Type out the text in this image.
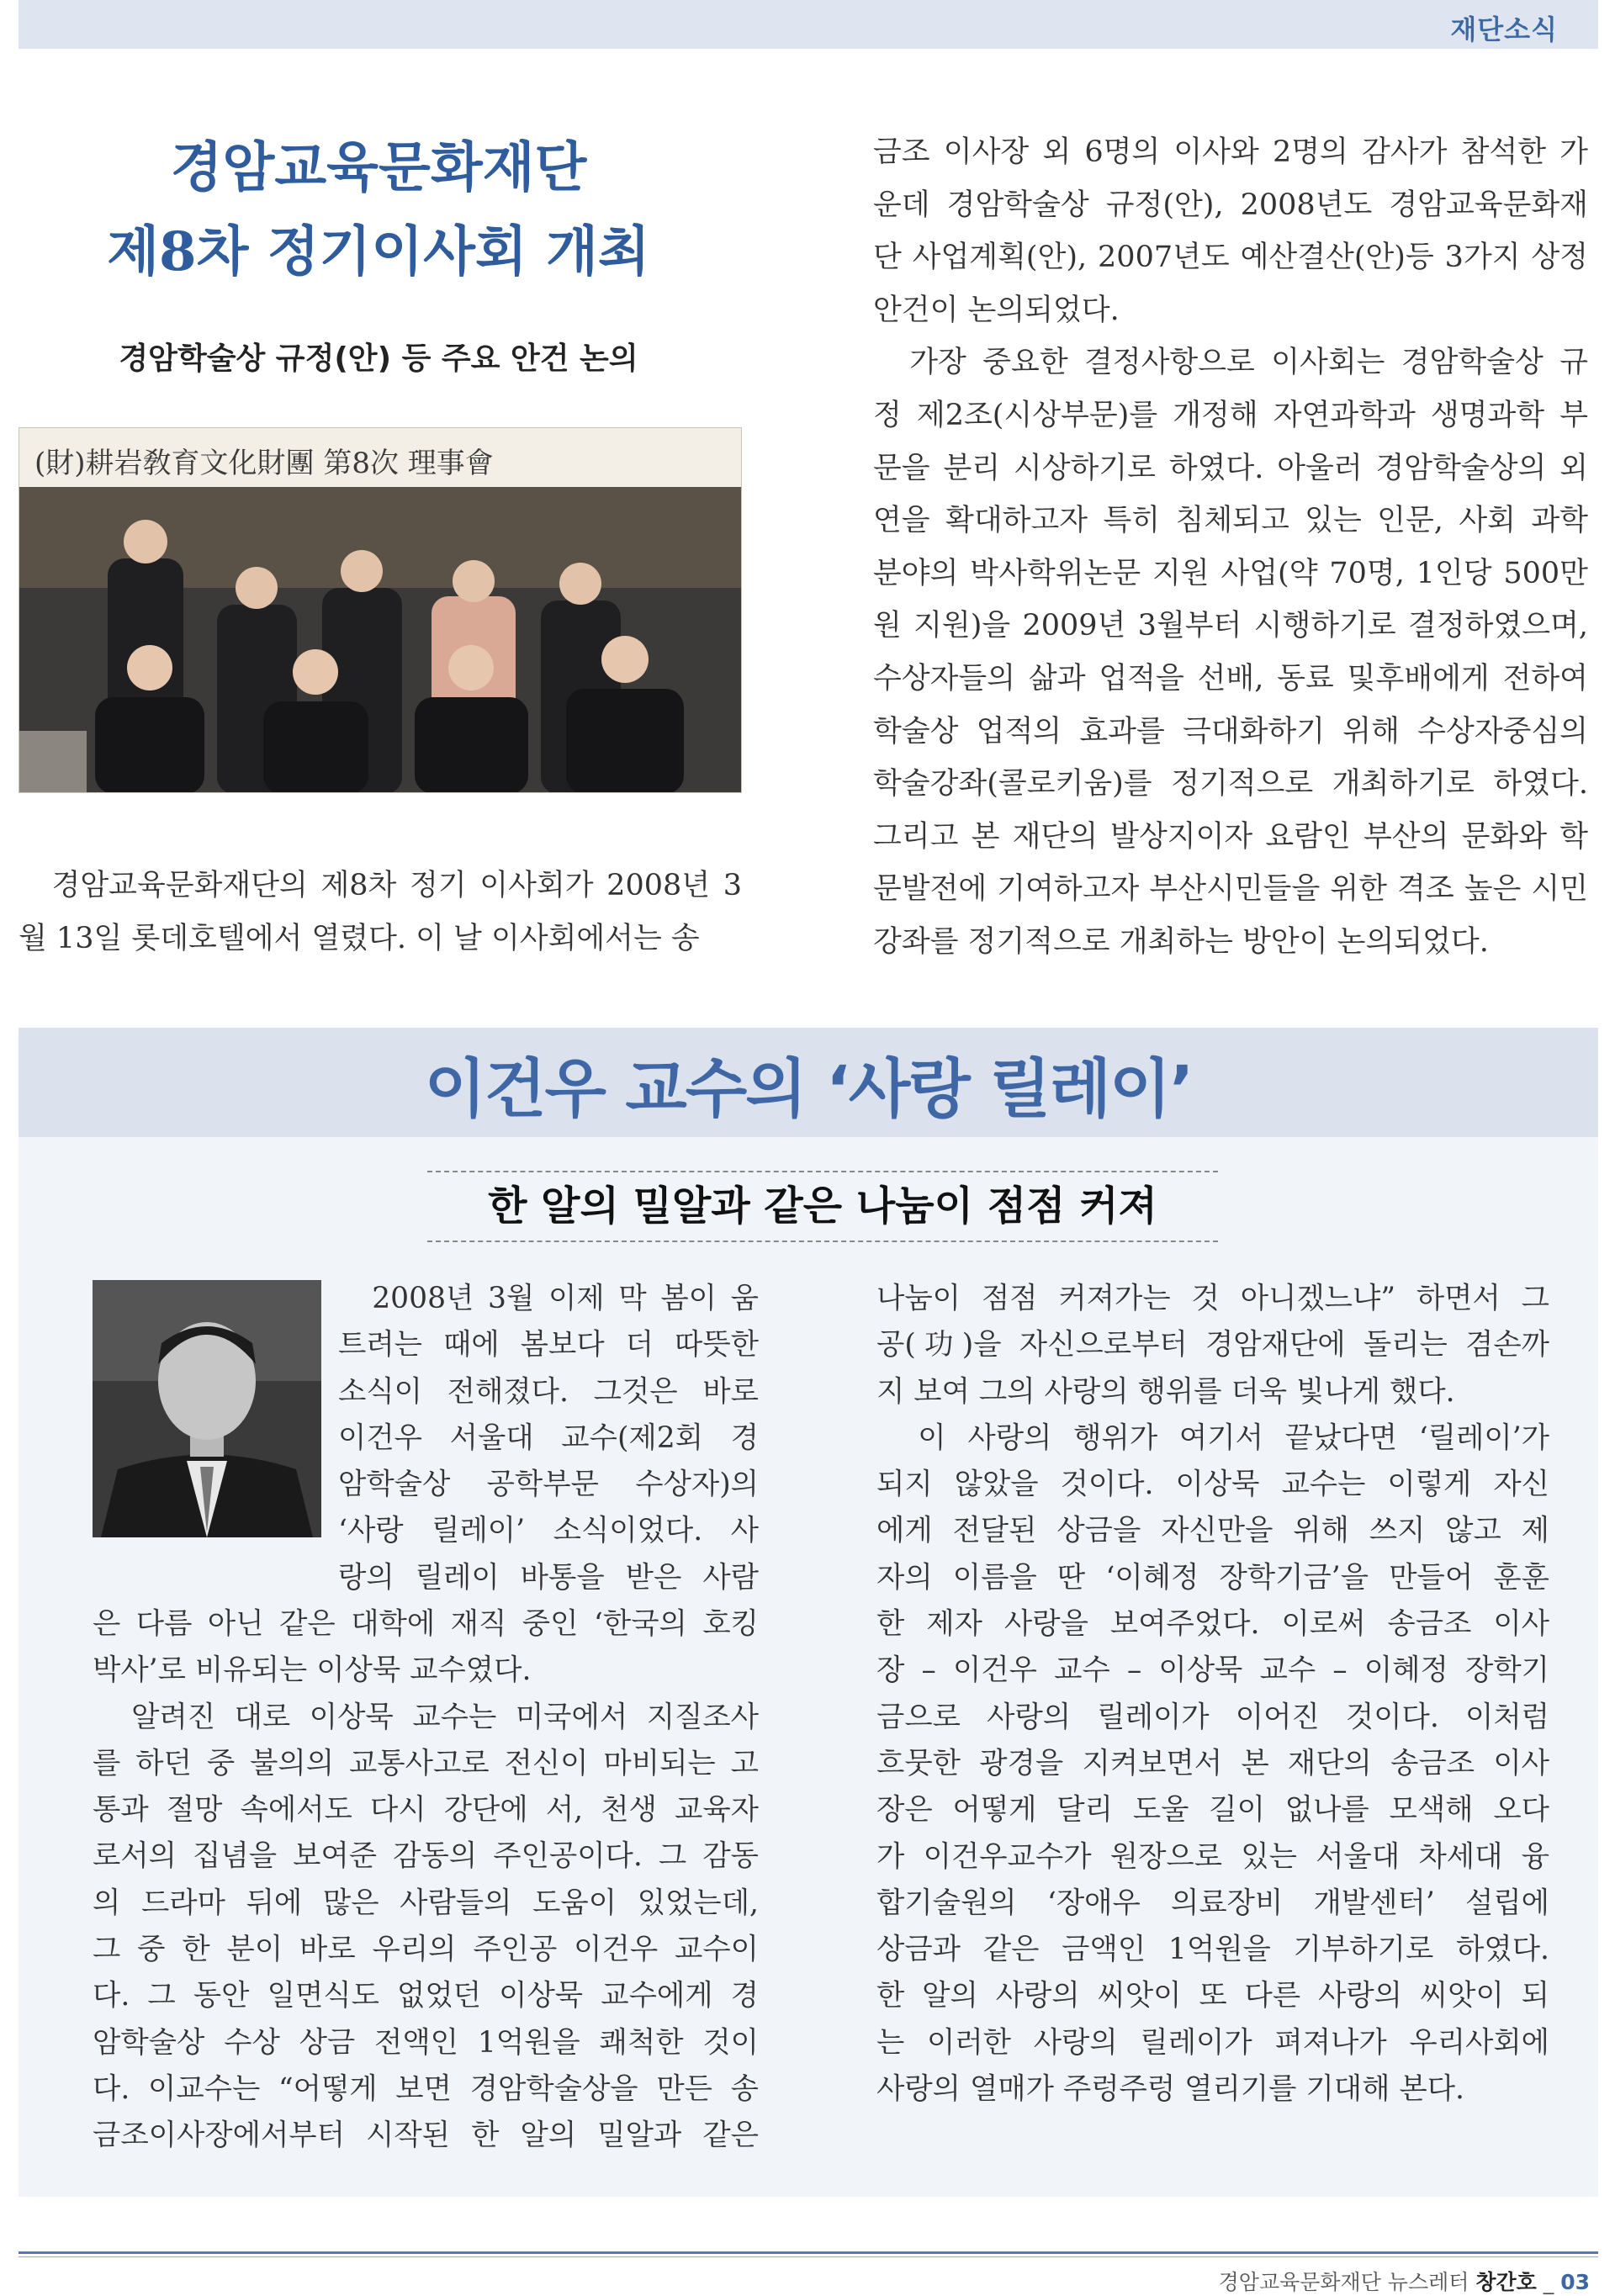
재단소식
경암교육문화재단
제8차 정기이사회 개최
경암학술상 규정(안) 등 주요 안건 논의
(財)耕岩敎育文化財團 第8次 理事會

　경암교육문화재단의 제8차 정기 이사회가 2008년 3

월 13일 롯데호텔에서 열렸다. 이 날 이사회에서는 송

금조 이사장 외 6명의 이사와 2명의 감사가 참석한 가

운데 경암학술상 규정(안), 2008년도 경암교육문화재

단 사업계획(안), 2007년도 예산결산(안)등 3가지 상정

안건이 논의되었다.

　가장 중요한 결정사항으로 이사회는 경암학술상 규

정 제2조(시상부문)를 개정해 자연과학과 생명과학 부

문을 분리 시상하기로 하였다. 아울러 경암학술상의 외

연을 확대하고자 특히 침체되고 있는 인문, 사회 과학

분야의 박사학위논문 지원 사업(약 70명, 1인당 500만

원 지원)을 2009년 3월부터 시행하기로 결정하였으며,

수상자들의 삶과 업적을 선배, 동료 및후배에게 전하여

학술상 업적의 효과를 극대화하기 위해 수상자중심의

학술강좌(콜로키움)를 정기적으로 개최하기로 하였다.

그리고 본 재단의 발상지이자 요람인 부산의 문화와 학

문발전에 기여하고자 부산시민들을 위한 격조 높은 시민

강좌를 정기적으로 개최하는 방안이 논의되었다.

이건우 교수의 ‘사랑 릴레이’
한 알의 밀알과 같은 나눔이 점점 커져

　2008년 3월 이제 막 봄이 움

트려는 때에 봄보다 더 따뜻한

소식이 전해졌다. 그것은 바로

이건우 서울대 교수(제2회 경

암학술상 공학부문 수상자)의

‘사랑 릴레이’ 소식이었다. 사

랑의 릴레이 바통을 받은 사람

은 다름 아닌 같은 대학에 재직 중인 ‘한국의 호킹

박사’로 비유되는 이상묵 교수였다.

　알려진 대로 이상묵 교수는 미국에서 지질조사

를 하던 중 불의의 교통사고로 전신이 마비되는 고

통과 절망 속에서도 다시 강단에 서, 천생 교육자

로서의 집념을 보여준 감동의 주인공이다. 그 감동

의 드라마 뒤에 많은 사람들의 도움이 있었는데,

그 중 한 분이 바로 우리의 주인공 이건우 교수이

다. 그 동안 일면식도 없었던 이상묵 교수에게 경

암학술상 수상 상금 전액인 1억원을 쾌척한 것이

다. 이교수는 “어떻게 보면 경암학술상을 만든 송

금조이사장에서부터 시작된 한 알의 밀알과 같은

나눔이 점점 커져가는 것 아니겠느냐” 하면서 그

공(功)을 자신으로부터 경암재단에 돌리는 겸손까

지 보여 그의 사랑의 행위를 더욱 빛나게 했다.

　이 사랑의 행위가 여기서 끝났다면 ‘릴레이’가

되지 않았을 것이다. 이상묵 교수는 이렇게 자신

에게 전달된 상금을 자신만을 위해 쓰지 않고 제

자의 이름을 딴 ‘이혜정 장학기금’을 만들어 훈훈

한 제자 사랑을 보여주었다. 이로써 송금조 이사

장 – 이건우 교수 – 이상묵 교수 – 이혜정 장학기

금으로 사랑의 릴레이가 이어진 것이다. 이처럼

흐뭇한 광경을 지켜보면서 본 재단의 송금조 이사

장은 어떻게 달리 도울 길이 없나를 모색해 오다

가 이건우교수가 원장으로 있는 서울대 차세대 융

합기술원의 ‘장애우 의료장비 개발센터’ 설립에

상금과 같은 금액인 1억원을 기부하기로 하였다.

한 알의 사랑의 씨앗이 또 다른 사랑의 씨앗이 되

는 이러한 사랑의 릴레이가 펴져나가 우리사회에

사랑의 열매가 주렁주렁 열리기를 기대해 본다.

경암교육문화재단 뉴스레터 창간호 _ 03
